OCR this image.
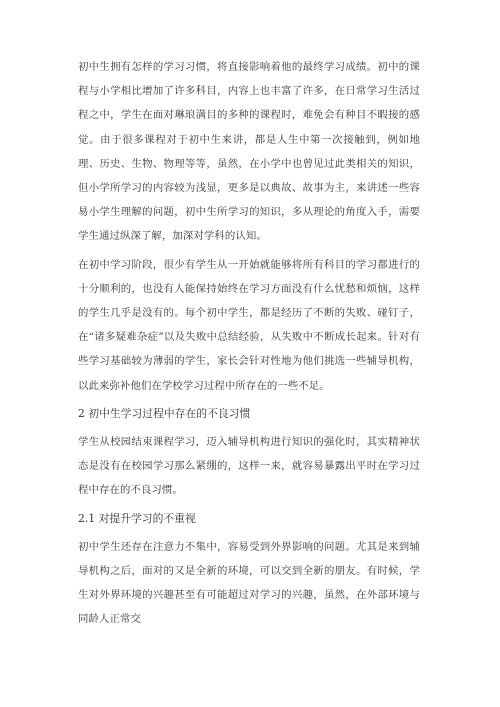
初中生拥有怎样的学习习惯，将直接影响着他的最终学习成绩。初中的课程与小学相比增加了许多科目，内容上也丰富了许多，在日常学习生活过程之中，学生在面对琳琅满目的多种的课程时，难免会有种目不暇接的感觉。由于很多课程对于初中生来讲，都是人生中第一次接触到，例如地理、历史、生物、物理等等，虽然，在小学中也曾见过此类相关的知识，但小学所学习的内容较为浅显，更多是以典故、故事为主，来讲述一些容易小学生理解的问题，初中生所学习的知识，多从理论的角度入手，需要学生通过纵深了解，加深对学科的认知。

在初中学习阶段，很少有学生从一开始就能够将所有科目的学习都进行的十分顺利的，也没有人能保持始终在学习方面没有什么忧愁和烦恼，这样的学生几乎是没有的。每个初中学生，都是经历了不断的失败、碰钉子，在“诸多疑难杂症”以及失败中总结经验，从失败中不断成长起来。针对有些学习基础较为薄弱的学生，家长会针对性地为他们挑选一些辅导机构，以此来弥补他们在学校学习过程中所存在的一些不足。

2 初中生学习过程中存在的不良习惯

学生从校园结束课程学习，迈入辅导机构进行知识的强化时，其实精神状态是没有在校园学习那么紧绷的，这样一来，就容易暴露出平时在学习过程中存在的不良习惯。

2.1 对提升学习的不重视

初中学生还存在注意力不集中，容易受到外界影响的问题。尤其是来到辅导机构之后，面对的又是全新的环境，可以交到全新的朋友。有时候，学生对外界环境的兴趣甚至有可能超过对学习的兴趣，虽然，在外部环境与同龄人正常交
